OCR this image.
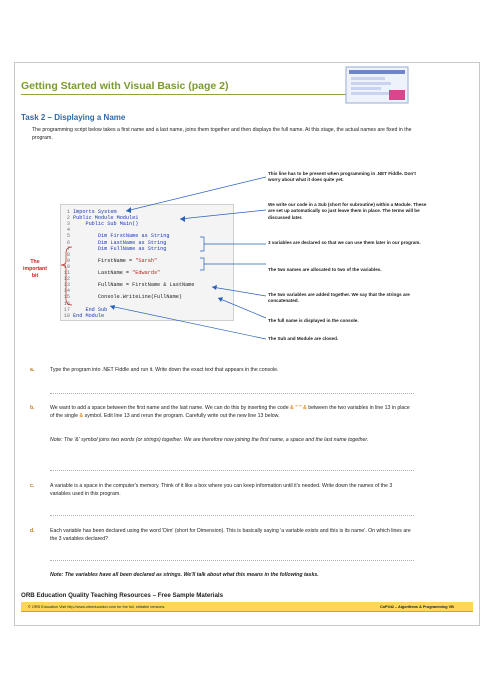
Getting Started with Visual Basic (page 2)
Task 2 – Displaying a Name
The programming script below takes a first name and a last name, joins them together and then displays the full name. At this stage, the actual names are fixed in the program.
1 Imports System
2 Public Module Module1
3 Public Sub Main()
4
5 Dim FirstName as String
6 Dim LastName as String
7 Dim FullName as String
8
9 FirstName = "Sarah"
10
11 LastName = "Edwards"
12
13 FullName = FirstName & LastName
14
15 Console.WriteLine(FullName)
16
17 End Sub
18 End Module
The
important
bit
This line has to be present when programming in .NET Fiddle. Don't worry about what it does quite yet.
We write our code in a Sub (short for subroutine) within a Module. These are set up automatically so just leave them in place. The terms will be discussed later.
3 variables are declared so that we can use them later in our program.
The two names are allocated to two of the variables.
The two variables are added together. We say that the strings are concatenated.
The full name is displayed in the console.
The Sub and Module are closed.
a.	Type the program into .NET Fiddle and run it. Write down the exact text that appears in the console.
b.	We want to add a space between the first name and the last name. We can do this by inserting the code & " " & between the two variables in line 13 in place of the single & symbol. Edit line 13 and rerun the program. Carefully write out the new line 13 below.
Note: The '&' symbol joins two words (or strings) together. We are therefore now joining the first name, a space and the last name together.
c.	A variable is a space in the computer's memory. Think of it like a box where you can keep information until it's needed. Write down the names of the 3 variables used in this program.
d.	Each variable has been declared using the word 'Dim' (short for Dimension). This is basically saying 'a variable exists and this is its name'. On which lines are the 3 variables declared?
Note: The variables have all been declared as strings. We'll talk about what this means in the following tasks.
ORB Education Quality Teaching Resources – Free Sample Materials
© ORB Education Visit http://www.orbeducation.com for the full, editable versions.	CoP042 – Algorithms & Programming VB
